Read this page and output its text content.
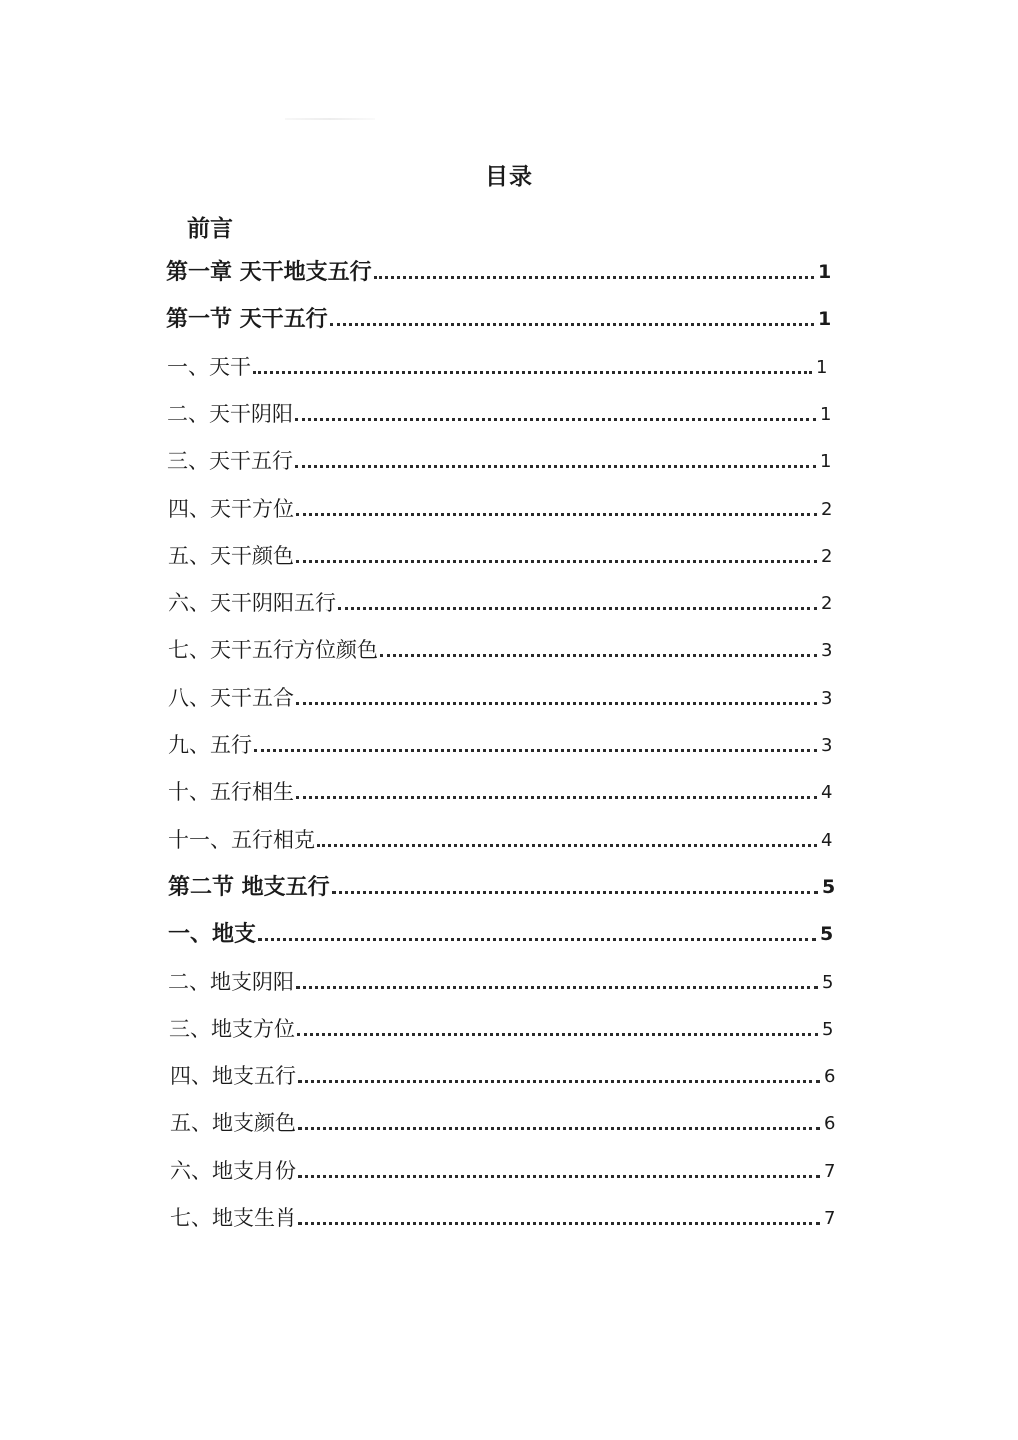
目录
前言
第一章 天干地支五行	1
第一节 天干五行	1
一、天干	1
二、天干阴阳	1
三、天干五行	1
四、天干方位	2
五、天干颜色	2
六、天干阴阳五行	2
七、天干五行方位颜色	3
八、天干五合	3
九、五行	3
十、五行相生	4
十一、五行相克	4
第二节 地支五行	5
一、地支	5
二、地支阴阳	5
三、地支方位	5
四、地支五行	6
五、地支颜色	6
六、地支月份	7
七、地支生肖	7
